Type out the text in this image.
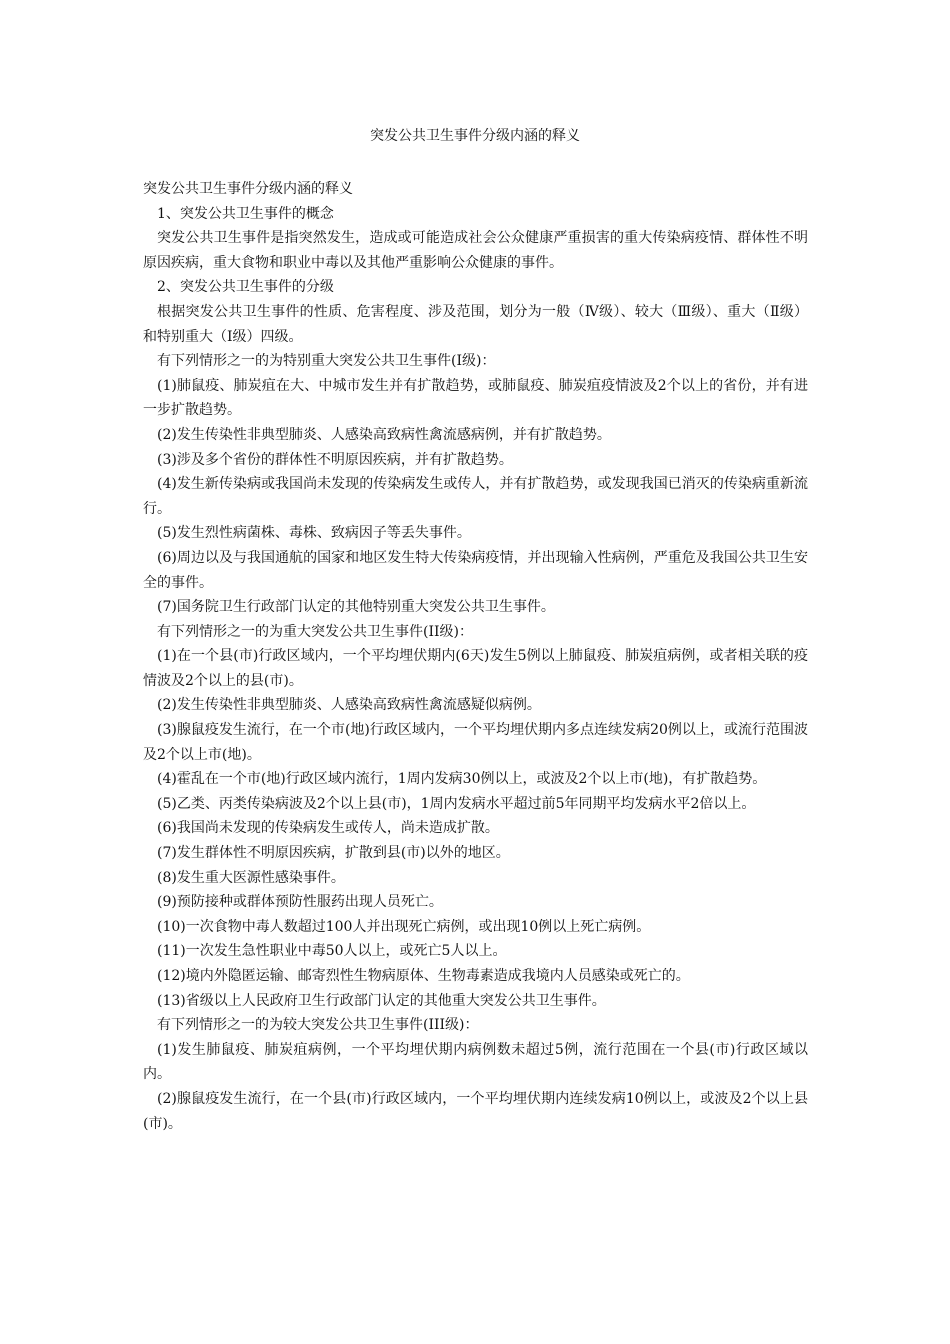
突发公共卫生事件分级内涵的释义

突发公共卫生事件分级内涵的释义

1、突发公共卫生事件的概念

突发公共卫生事件是指突然发生，造成或可能造成社会公众健康严重损害的重大传染病疫情、群体性不明原因疾病，重大食物和职业中毒以及其他严重影响公众健康的事件。

2、突发公共卫生事件的分级

根据突发公共卫生事件的性质、危害程度、涉及范围，划分为一般（Ⅳ级）、较大（Ⅲ级）、重大（Ⅱ级）和特别重大（Ⅰ级）四级。

有下列情形之一的为特别重大突发公共卫生事件(Ⅰ级)：

(1)肺鼠疫、肺炭疽在大、中城市发生并有扩散趋势，或肺鼠疫、肺炭疽疫情波及2个以上的省份，并有进一步扩散趋势。

(2)发生传染性非典型肺炎、人感染高致病性禽流感病例，并有扩散趋势。

(3)涉及多个省份的群体性不明原因疾病，并有扩散趋势。

(4)发生新传染病或我国尚未发现的传染病发生或传人，并有扩散趋势，或发现我国已消灭的传染病重新流行。

(5)发生烈性病菌株、毒株、致病因子等丢失事件。

(6)周边以及与我国通航的国家和地区发生特大传染病疫情，并出现输入性病例，严重危及我国公共卫生安全的事件。

(7)国务院卫生行政部门认定的其他特别重大突发公共卫生事件。

有下列情形之一的为重大突发公共卫生事件(II级)：

(1)在一个县(市)行政区域内，一个平均埋伏期内(6天)发生5例以上肺鼠疫、肺炭疽病例，或者相关联的疫情波及2个以上的县(市)。

(2)发生传染性非典型肺炎、人感染高致病性禽流感疑似病例。

(3)腺鼠疫发生流行，在一个市(地)行政区域内，一个平均埋伏期内多点连续发病20例以上，或流行范围波及2个以上市(地)。

(4)霍乱在一个市(地)行政区域内流行，1周内发病30例以上，或波及2个以上市(地)，有扩散趋势。

(5)乙类、丙类传染病波及2个以上县(市)，1周内发病水平超过前5年同期平均发病水平2倍以上。

(6)我国尚未发现的传染病发生或传人，尚未造成扩散。

(7)发生群体性不明原因疾病，扩散到县(市)以外的地区。

(8)发生重大医源性感染事件。

(9)预防接种或群体预防性服药出现人员死亡。

(10)一次食物中毒人数超过100人并出现死亡病例，或出现10例以上死亡病例。

(11)一次发生急性职业中毒50人以上，或死亡5人以上。

(12)境内外隐匿运输、邮寄烈性生物病原体、生物毒素造成我境内人员感染或死亡的。

(13)省级以上人民政府卫生行政部门认定的其他重大突发公共卫生事件。

有下列情形之一的为较大突发公共卫生事件(III级)：

(1)发生肺鼠疫、肺炭疽病例，一个平均埋伏期内病例数未超过5例，流行范围在一个县(市)行政区域以内。

(2)腺鼠疫发生流行，在一个县(市)行政区域内，一个平均埋伏期内连续发病10例以上，或波及2个以上县(市)。
